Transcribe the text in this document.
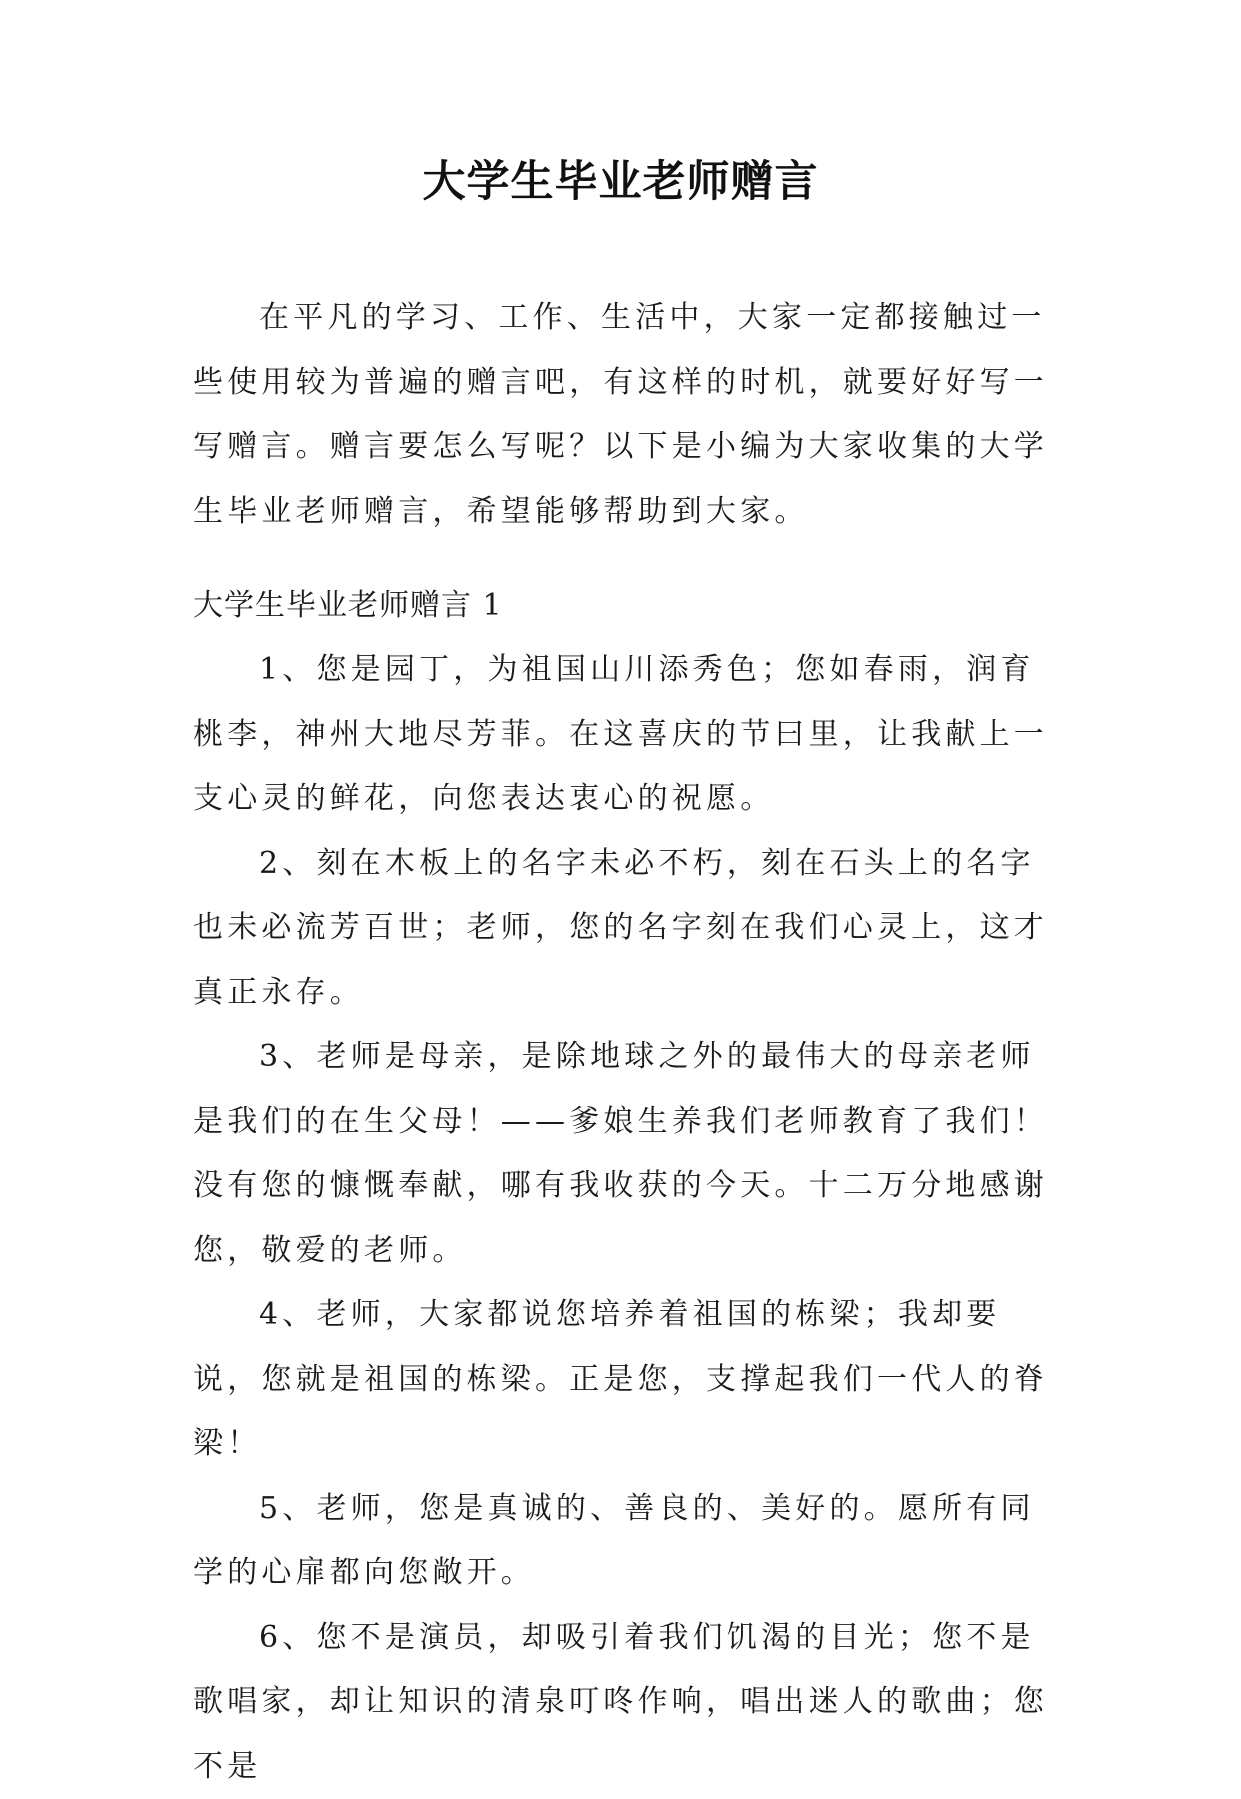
大学生毕业老师赠言

在平凡的学习、工作、生活中，大家一定都接触过一些使用较为普遍的赠言吧，有这样的时机，就要好好写一写赠言。赠言要怎么写呢？以下是小编为大家收集的大学生毕业老师赠言，希望能够帮助到大家。

大学生毕业老师赠言 1

1、您是园丁，为祖国山川添秀色；您如春雨，润育桃李，神州大地尽芳菲。在这喜庆的节曰里，让我献上一支心灵的鲜花，向您表达衷心的祝愿。

2、刻在木板上的名字未必不朽，刻在石头上的名字也未必流芳百世；老师，您的名字刻在我们心灵上，这才真正永存。

3、老师是母亲，是除地球之外的最伟大的母亲老师是我们的在生父母！——爹娘生养我们老师教育了我们！ 没有您的慷慨奉献，哪有我收获的今天。十二万分地感谢您，敬爱的老师。

4、老师，大家都说您培养着祖国的栋梁；我却要说，您就是祖国的栋梁。正是您，支撑起我们一代人的脊梁！

5、老师，您是真诚的、善良的、美好的。愿所有同学的心扉都向您敞开。

6、您不是演员，却吸引着我们饥渴的目光；您不是歌唱家，却让知识的清泉叮咚作响，唱出迷人的歌曲；您不是
